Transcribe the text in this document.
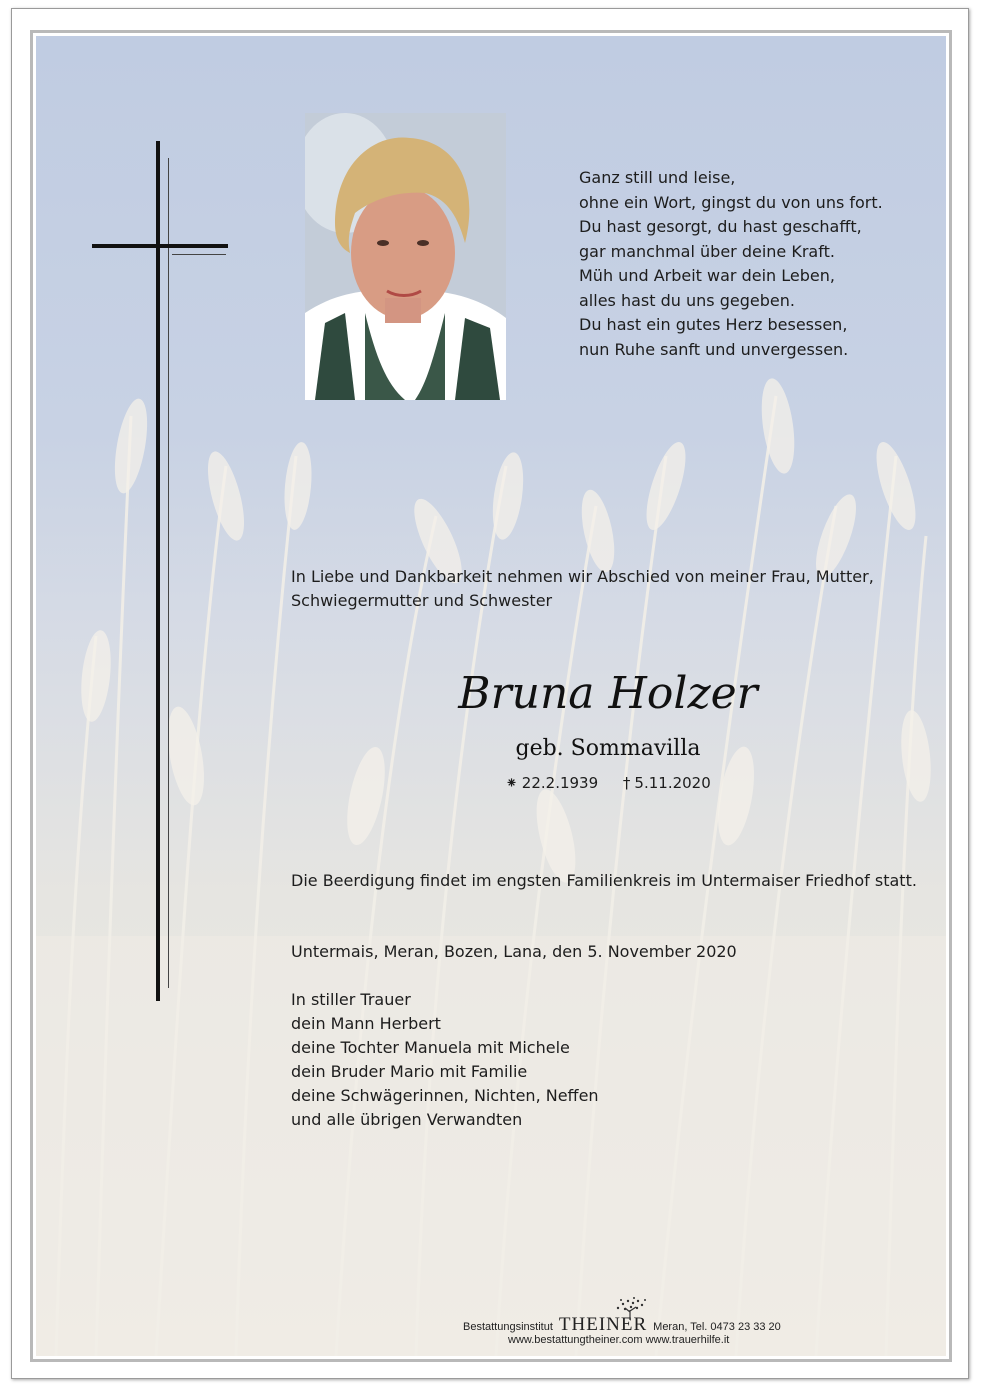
Ganz still und leise,
ohne ein Wort, gingst du von uns fort.
Du hast gesorgt, du hast geschafft,
gar manchmal über deine Kraft.
Müh und Arbeit war dein Leben,
alles hast du uns gegeben.
Du hast ein gutes Herz besessen,
nun Ruhe sanft und unvergessen.
In Liebe und Dankbarkeit nehmen wir Abschied von meiner Frau, Mutter,
Schwiegermutter und Schwester
Bruna Holzer
geb. Sommavilla
⁕ 22.2.1939 † 5.11.2020
Die Beerdigung findet im engsten Familienkreis im Untermaiser Friedhof statt.
Untermais, Meran, Bozen, Lana, den 5. November 2020
In stiller Trauer
dein Mann Herbert
deine Tochter Manuela mit Michele
dein Bruder Mario mit Familie
deine Schwägerinnen, Nichten, Neffen
und alle übrigen Verwandten
Bestattungsinstitut THEINER Meran, Tel. 0473 23 33 20
www.bestattungtheiner.com www.trauerhilfe.it
